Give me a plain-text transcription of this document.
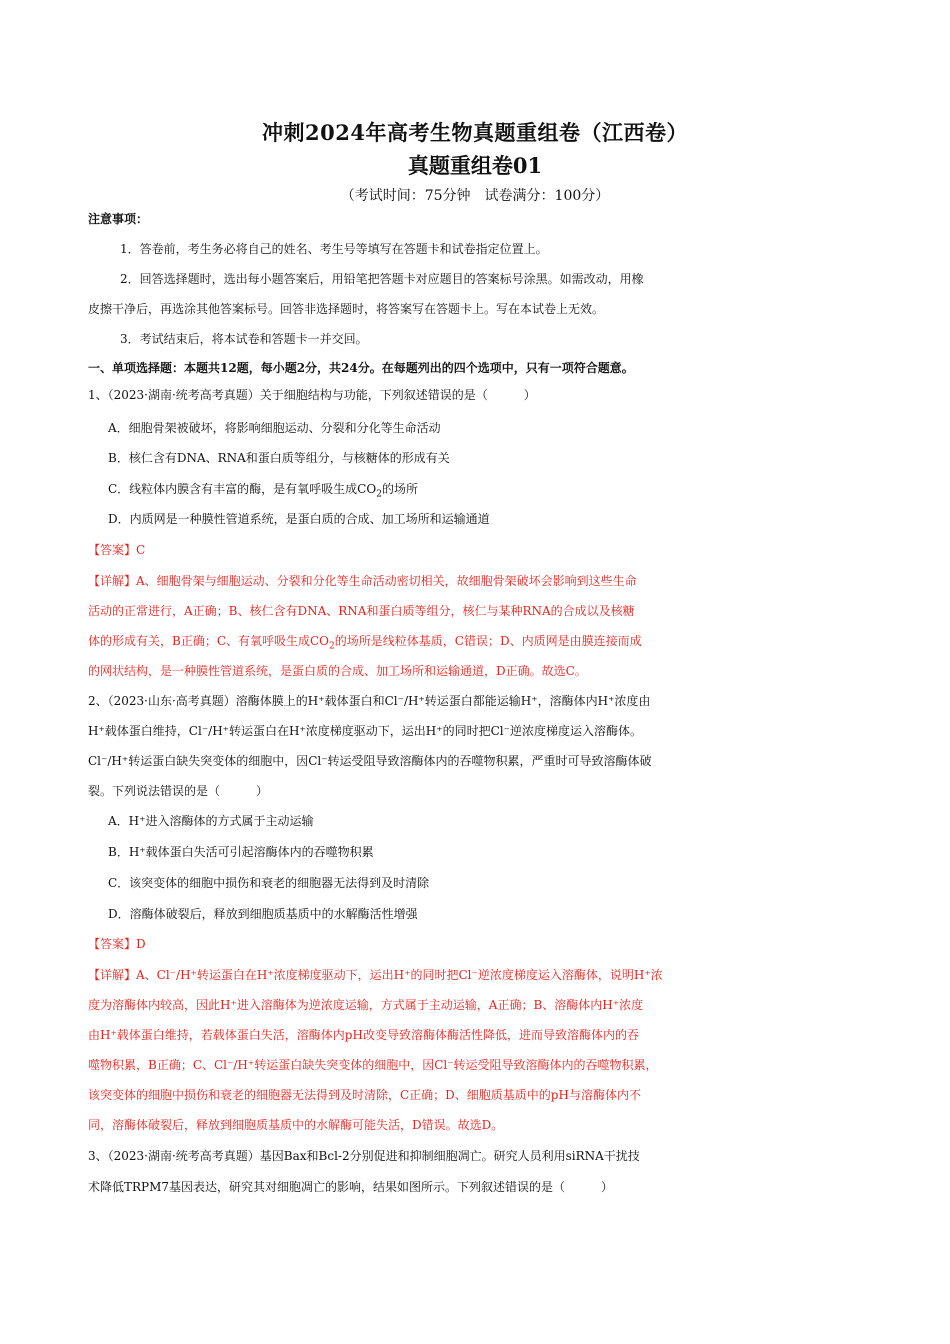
冲刺2024年高考生物真题重组卷（江西卷）
真题重组卷01
（考试时间：75分钟　试卷满分：100分）
注意事项：
1．答卷前，考生务必将自己的姓名、考生号等填写在答题卡和试卷指定位置上。
2．回答选择题时，选出每小题答案后，用铅笔把答题卡对应题目的答案标号涂黑。如需改动，用橡
皮擦干净后，再选涂其他答案标号。回答非选择题时，将答案写在答题卡上。写在本试卷上无效。
3．考试结束后，将本试卷和答题卡一并交回。
一、单项选择题：本题共12题，每小题2分，共24分。在每题列出的四个选项中，只有一项符合题意。
1、（2023·湖南·统考高考真题）关于细胞结构与功能，下列叙述错误的是（　　　）
A．细胞骨架被破坏，将影响细胞运动、分裂和分化等生命活动
B．核仁含有DNA、RNA和蛋白质等组分，与核糖体的形成有关
C．线粒体内膜含有丰富的酶，是有氧呼吸生成$CO_2$的场所
D．内质网是一种膜性管道系统，是蛋白质的合成、加工场所和运输通道
【答案】C
【详解】A、细胞骨架与细胞运动、分裂和分化等生命活动密切相关，故细胞骨架破坏会影响到这些生命
活动的正常进行，A正确；B、核仁含有DNA、RNA和蛋白质等组分，核仁与某种RNA的合成以及核糖
体的形成有关，B正确；C、有氧呼吸生成$CO_2$的场所是线粒体基质，C错误；D、内质网是由膜连接而成
的网状结构，是一种膜性管道系统，是蛋白质的合成、加工场所和运输通道，D正确。故选C。
2、（2023·山东·高考真题）溶酶体膜上的H⁺载体蛋白和Cl⁻/H⁺转运蛋白都能运输H⁺，溶酶体内H⁺浓度由
H⁺载体蛋白维持，Cl⁻/H⁺转运蛋白在H⁺浓度梯度驱动下，运出H⁺的同时把Cl⁻逆浓度梯度运入溶酶体。
Cl⁻/H⁺转运蛋白缺失突变体的细胞中，因Cl⁻转运受阻导致溶酶体内的吞噬物积累，严重时可导致溶酶体破
裂。下列说法错误的是（　　　）
A．H⁺进入溶酶体的方式属于主动运输
B．H⁺载体蛋白失活可引起溶酶体内的吞噬物积累
C．该突变体的细胞中损伤和衰老的细胞器无法得到及时清除
D．溶酶体破裂后，释放到细胞质基质中的水解酶活性增强
【答案】D
【详解】A、Cl⁻/H⁺转运蛋白在H⁺浓度梯度驱动下，运出H⁺的同时把Cl⁻逆浓度梯度运入溶酶体，说明H⁺浓
度为溶酶体内较高，因此H⁺进入溶酶体为逆浓度运输，方式属于主动运输，A正确；B、溶酶体内H⁺浓度
由H⁺载体蛋白维持，若载体蛋白失活，溶酶体内pH改变导致溶酶体酶活性降低，进而导致溶酶体内的吞
噬物积累，B正确；C、Cl⁻/H⁺转运蛋白缺失突变体的细胞中，因Cl⁻转运受阻导致溶酶体内的吞噬物积累，
该突变体的细胞中损伤和衰老的细胞器无法得到及时清除，C正确；D、细胞质基质中的pH与溶酶体内不
同，溶酶体破裂后，释放到细胞质基质中的水解酶可能失活，D错误。故选D。
3、（2023·湖南·统考高考真题）基因Bax和Bcl-2分别促进和抑制细胞凋亡。研究人员利用siRNA干扰技
术降低TRPM7基因表达，研究其对细胞凋亡的影响，结果如图所示。下列叙述错误的是（　　　）
